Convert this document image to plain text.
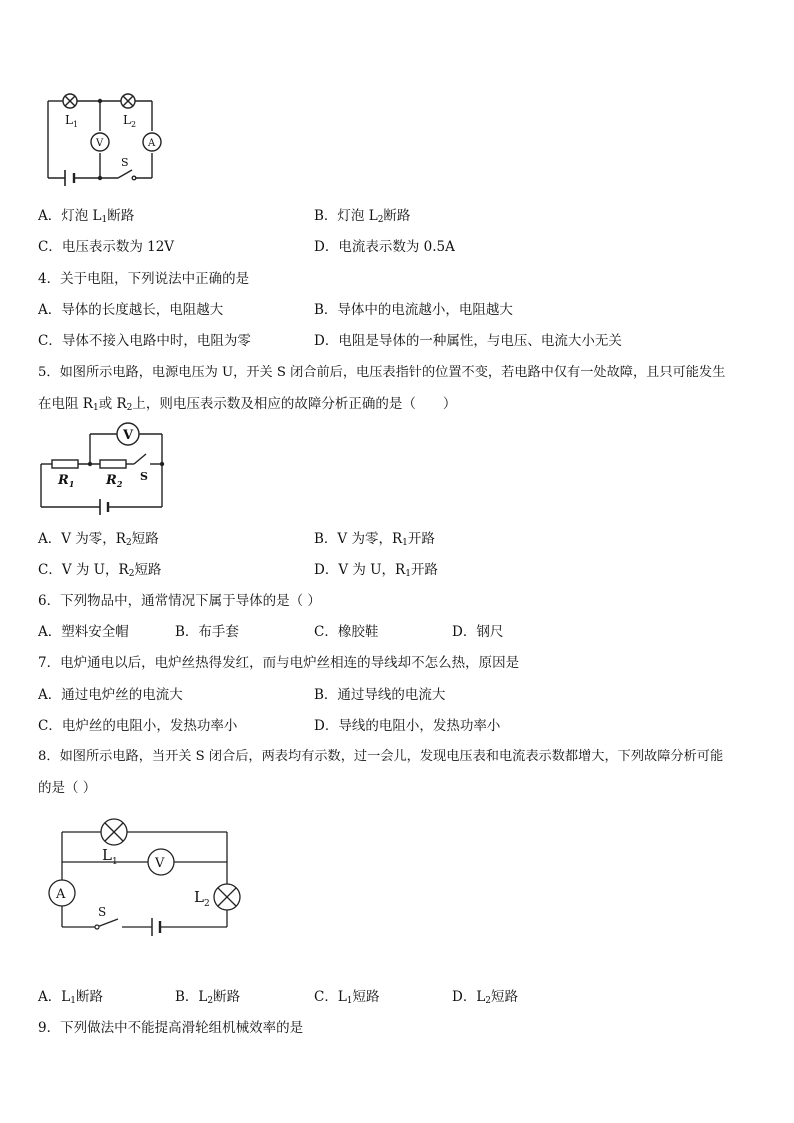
$L_1$	$L_2$
V	A
S
A．灯泡 $L_1$断路	B．灯泡 $L_2$断路
C．电压表示数为 12V	D．电流表示数为 0.5A
4．关于电阻，下列说法中正确的是
A．导体的长度越长，电阻越大	B．导体中的电流越小，电阻越大
C．导体不接入电路中时，电阻为零	D．电阻是导体的一种属性，与电压、电流大小无关
5．如图所示电路，电源电压为 U，开关 S 闭合前后，电压表指针的位置不变，若电路中仅有一处故障，且只可能发生
在电阻 $R_1$或 $R_2$上，则电压表示数及相应的故障分析正确的是（　　）
V
$R_1$ $R_2$
S
A．V 为零，$R_2$短路	B．V 为零，$R_1$开路
C．V 为 U，$R_2$短路	D．V 为 U，$R_1$开路
6．下列物品中，通常情况下属于导体的是（ ）
A．塑料安全帽	B．布手套	C．橡胶鞋	D．钢尺
7．电炉通电以后，电炉丝热得发红，而与电炉丝相连的导线却不怎么热，原因是
A．通过电炉丝的电流大	B．通过导线的电流大
C．电炉丝的电阻小，发热功率小	D．导线的电阻小，发热功率小
8．如图所示电路，当开关 S 闭合后，两表均有示数，过一会儿，发现电压表和电流表示数都增大，下列故障分析可能
的是（ ）
$L_1$	V
A	$L_2$
S
A．$L_1$断路	B．$L_2$断路	C．$L_1$短路	D．$L_2$短路
9．下列做法中不能提高滑轮组机械效率的是
